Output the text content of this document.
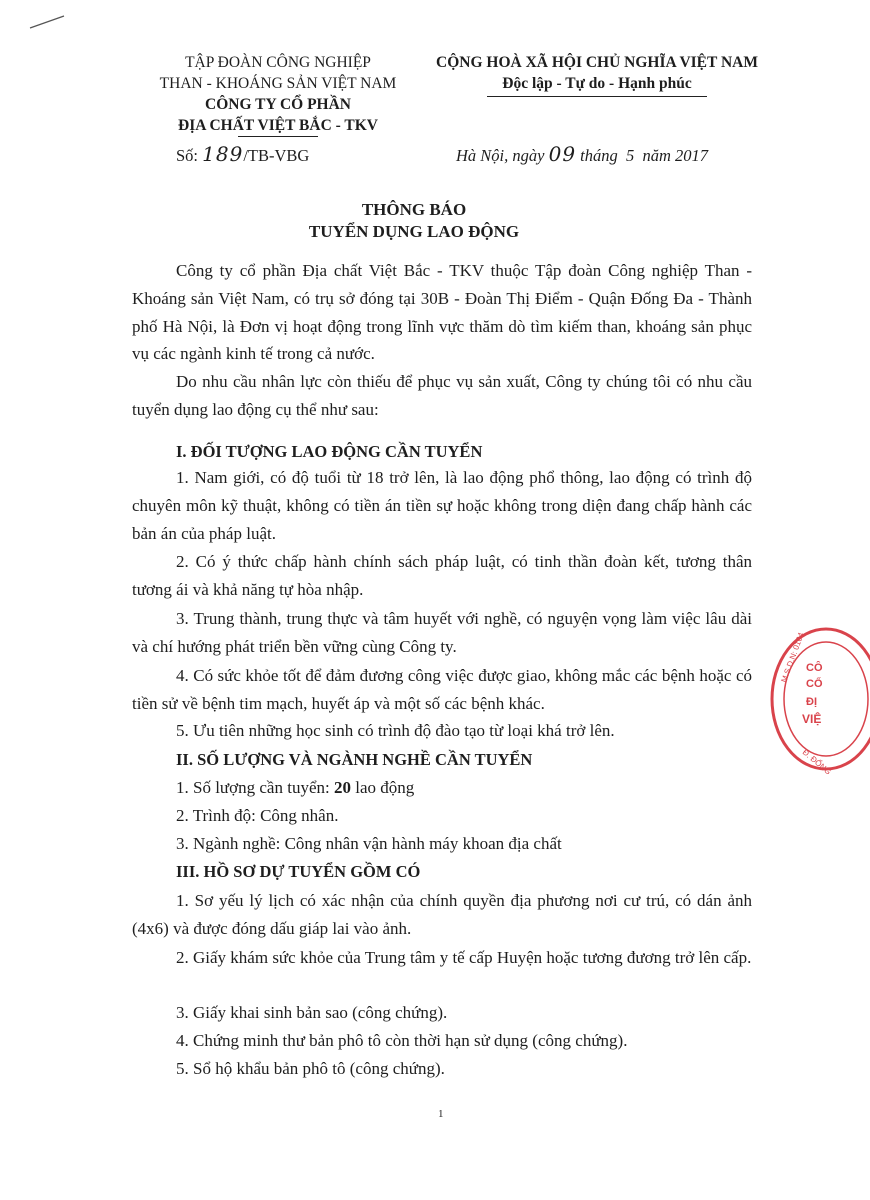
TẬP ĐOÀN CÔNG NGHIỆP
THAN - KHOÁNG SẢN VIỆT NAM
CÔNG TY CỔ PHẦN
ĐỊA CHẤT VIỆT BẮC - TKV
CỘNG HOÀ XÃ HỘI CHỦ NGHĨA VIỆT NAM
Độc lập - Tự do - Hạnh phúc
Số: 189/TB-VBG	Hà Nội, ngày 09 tháng 5 năm 2017
THÔNG BÁO
TUYỂN DỤNG LAO ĐỘNG

Công ty cổ phần Địa chất Việt Bắc - TKV thuộc Tập đoàn Công nghiệp Than - Khoáng sản Việt Nam, có trụ sở đóng tại 30B - Đoàn Thị Điểm - Quận Đống Đa - Thành phố Hà Nội, là Đơn vị hoạt động trong lĩnh vực thăm dò tìm kiếm than, khoáng sản phục vụ các ngành kinh tế trong cả nước.

Do nhu cầu nhân lực còn thiếu để phục vụ sản xuất, Công ty chúng tôi có nhu cầu tuyển dụng lao động cụ thể như sau:

I. ĐỐI TƯỢNG LAO ĐỘNG CẦN TUYỂN

1. Nam giới, có độ tuổi từ 18 trở lên, là lao động phổ thông, lao động có trình độ chuyên môn kỹ thuật, không có tiền án tiền sự hoặc không trong diện đang chấp hành các bản án của pháp luật.

2. Có ý thức chấp hành chính sách pháp luật, có tinh thần đoàn kết, tương thân tương ái và khả năng tự hòa nhập.

3. Trung thành, trung thực và tâm huyết với nghề, có nguyện vọng làm việc lâu dài và chí hướng phát triển bền vững cùng Công ty.

4. Có sức khỏe tốt để đảm đương công việc được giao, không mắc các bệnh hoặc có tiền sử về bệnh tim mạch, huyết áp và một số các bệnh khác.

5. Ưu tiên những học sinh có trình độ đào tạo từ loại khá trở lên.
II. SỐ LƯỢNG VÀ NGÀNH NGHỀ CẦN TUYỂN
1. Số lượng cần tuyển: 20 lao động
2. Trình độ: Công nhân.
3. Ngành nghề: Công nhân vận hành máy khoan địa chất
III. HỒ SƠ DỰ TUYỂN GỒM CÓ

1. Sơ yếu lý lịch có xác nhận của chính quyền địa phương nơi cư trú, có dán ảnh (4x6) và được đóng dấu giáp lai vào ảnh.

2. Giấy khám sức khỏe của Trung tâm y tế cấp Huyện hoặc tương đương trở lên cấp.

3. Giấy khai sinh bản sao (công chứng).
4. Chứng minh thư bản phô tô còn thời hạn sử dụng (công chứng).
5. Sổ hộ khẩu bản phô tô (công chứng).
1
M.S.D.N: 0104
Đ. ĐỐNG
CÔ
CỔ
ĐỊ
VIỆ
